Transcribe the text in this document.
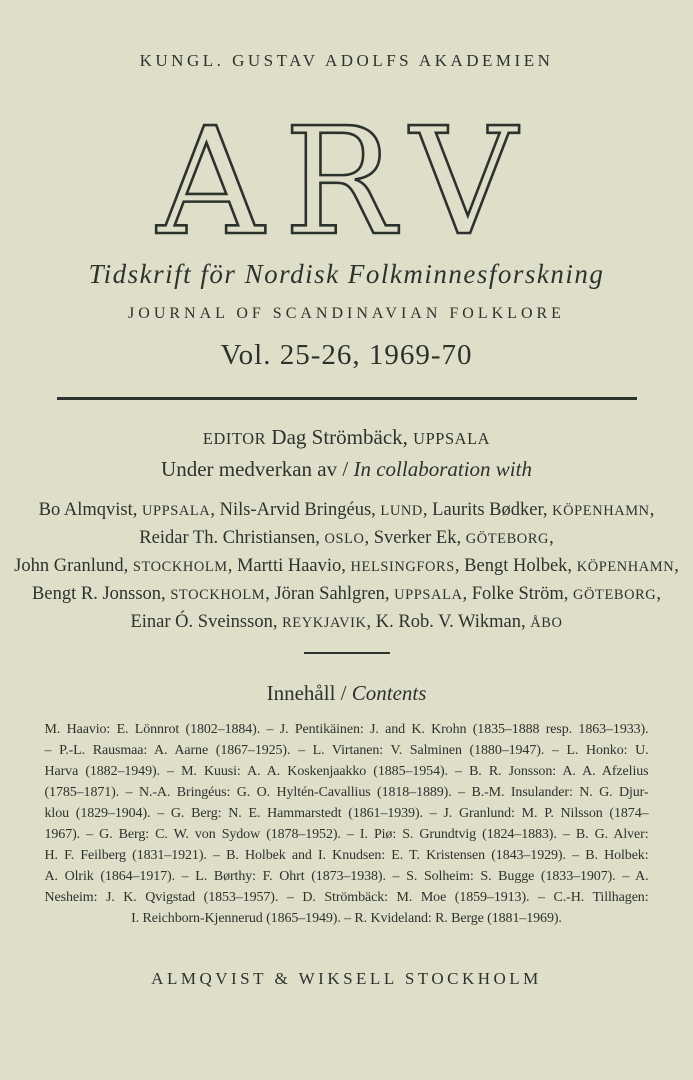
KUNGL. GUSTAV ADOLFS AKADEMIEN
ARV
Tidskrift för Nordisk Folkminnesforskning
JOURNAL OF SCANDINAVIAN FOLKLORE
Vol. 25-26, 1969-70
EDITOR Dag Strömbäck, UPPSALA
Under medverkan av / In collaboration with
Bo Almqvist, UPPSALA, Nils-Arvid Bringéus, LUND, Laurits Bødker, KÖPENHAMN,
Reidar Th. Christiansen, OSLO, Sverker Ek, GÖTEBORG,
John Granlund, STOCKHOLM, Martti Haavio, HELSINGFORS, Bengt Holbek, KÖPENHAMN,
Bengt R. Jonsson, STOCKHOLM, Jöran Sahlgren, UPPSALA, Folke Ström, GÖTEBORG,
Einar Ó. Sveinsson, REYKJAVIK, K. Rob. V. Wikman, ÅBO
Innehåll / Contents
M. Haavio: E. Lönnrot (1802–1884). – J. Pentikäinen: J. and K. Krohn (1835–1888 resp. 1863–1933).
– P.-L. Rausmaa: A. Aarne (1867–1925). – L. Virtanen: V. Salminen (1880–1947). – L. Honko: U.
Harva (1882–1949). – M. Kuusi: A. A. Koskenjaakko (1885–1954). – B. R. Jonsson: A. A. Afzelius
(1785–1871). – N.-A. Bringéus: G. O. Hyltén-Cavallius (1818–1889). – B.-M. Insulander: N. G. Djur-
klou (1829–1904). – G. Berg: N. E. Hammarstedt (1861–1939). – J. Granlund: M. P. Nilsson (1874–
1967). – G. Berg: C. W. von Sydow (1878–1952). – I. Piø: S. Grundtvig (1824–1883). – B. G. Alver:
H. F. Feilberg (1831–1921). – B. Holbek and I. Knudsen: E. T. Kristensen (1843–1929). – B. Holbek:
A. Olrik (1864–1917). – L. Børthy: F. Ohrt (1873–1938). – S. Solheim: S. Bugge (1833–1907). – A.
Nesheim: J. K. Qvigstad (1853–1957). – D. Strömbäck: M. Moe (1859–1913). – C.-H. Tillhagen:
I. Reichborn-Kjennerud (1865–1949). – R. Kvideland: R. Berge (1881–1969).
ALMQVIST & WIKSELL STOCKHOLM
